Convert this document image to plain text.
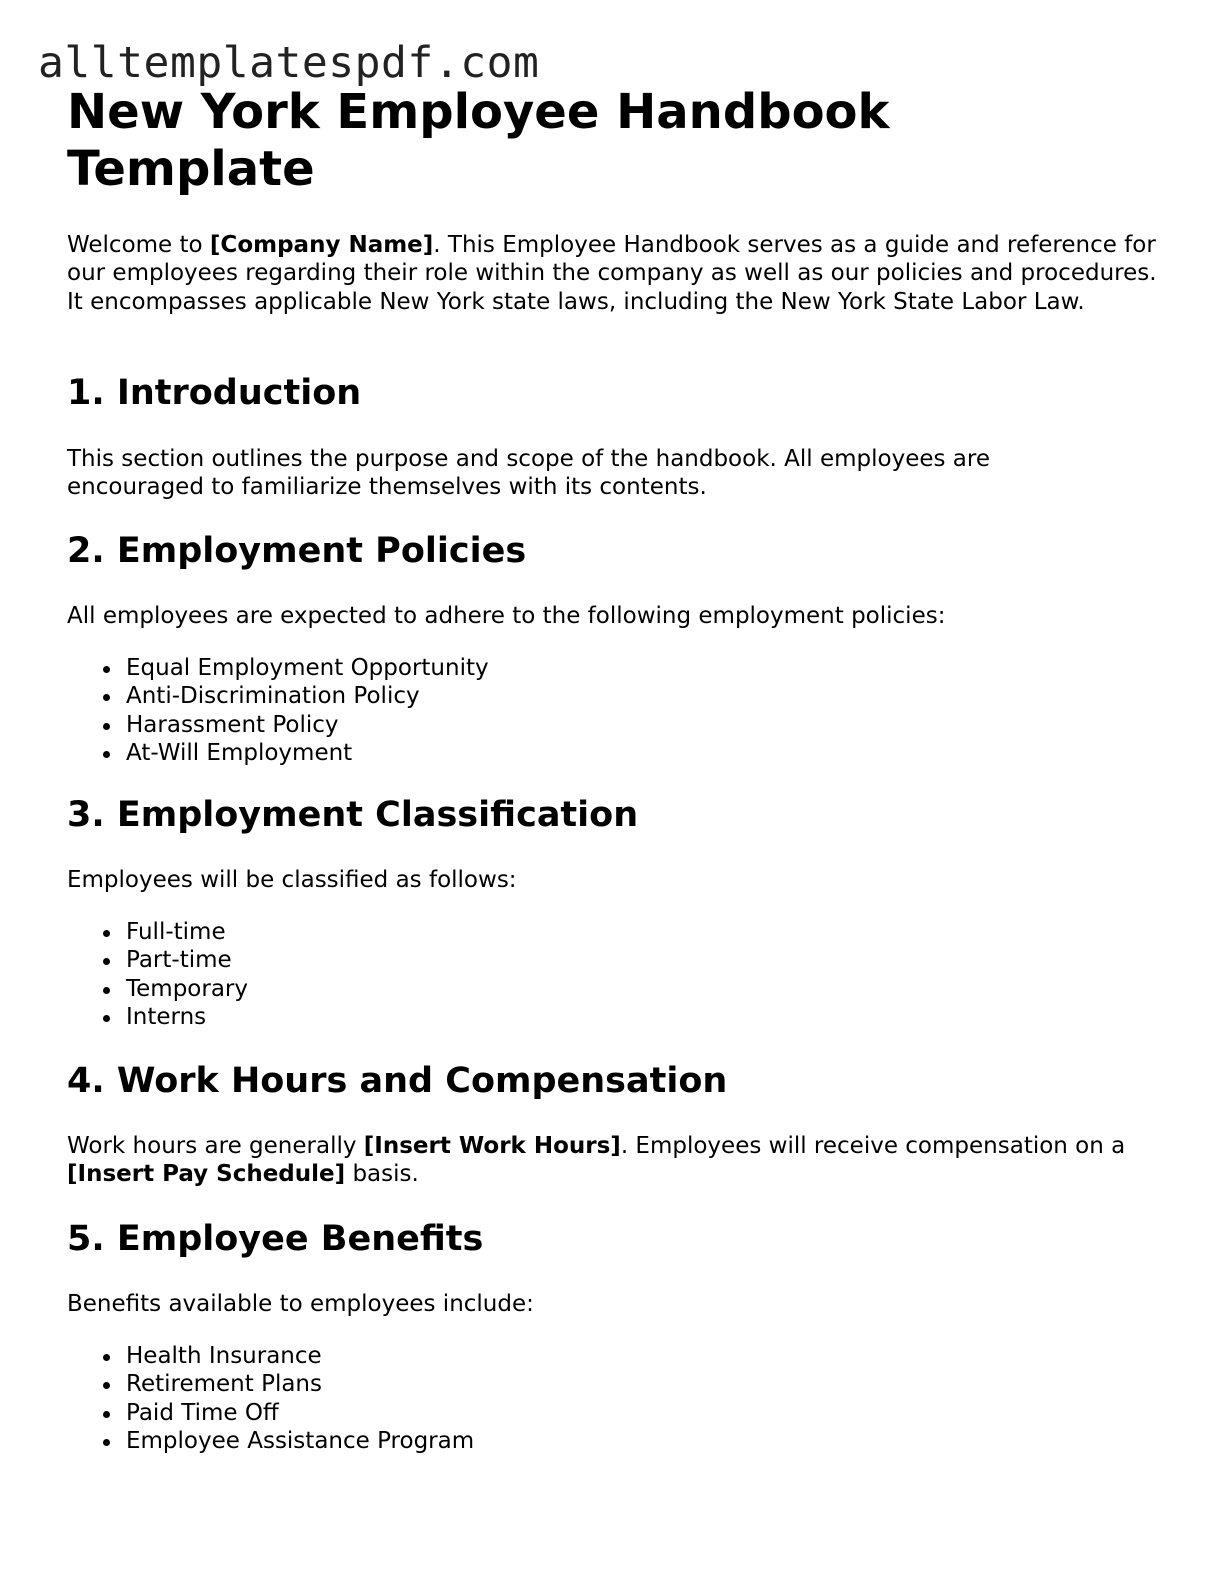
alltemplatespdf.com
New York Employee Handbook Template

Welcome to [Company Name]. This Employee Handbook serves as a guide and reference for our employees regarding their role within the company as well as our policies and procedures. It encompasses applicable New York state laws, including the New York State Labor Law.

1. Introduction

This section outlines the purpose and scope of the handbook. All employees are encouraged to familiarize themselves with its contents.

2. Employment Policies

All employees are expected to adhere to the following employment policies:

Equal Employment Opportunity
Anti-Discrimination Policy
Harassment Policy
At-Will Employment
3. Employment Classification

Employees will be classified as follows:

Full-time
Part-time
Temporary
Interns
4. Work Hours and Compensation

Work hours are generally [Insert Work Hours]. Employees will receive compensation on a [Insert Pay Schedule] basis.

5. Employee Benefits

Benefits available to employees include:

Health Insurance
Retirement Plans
Paid Time Off
Employee Assistance Program
